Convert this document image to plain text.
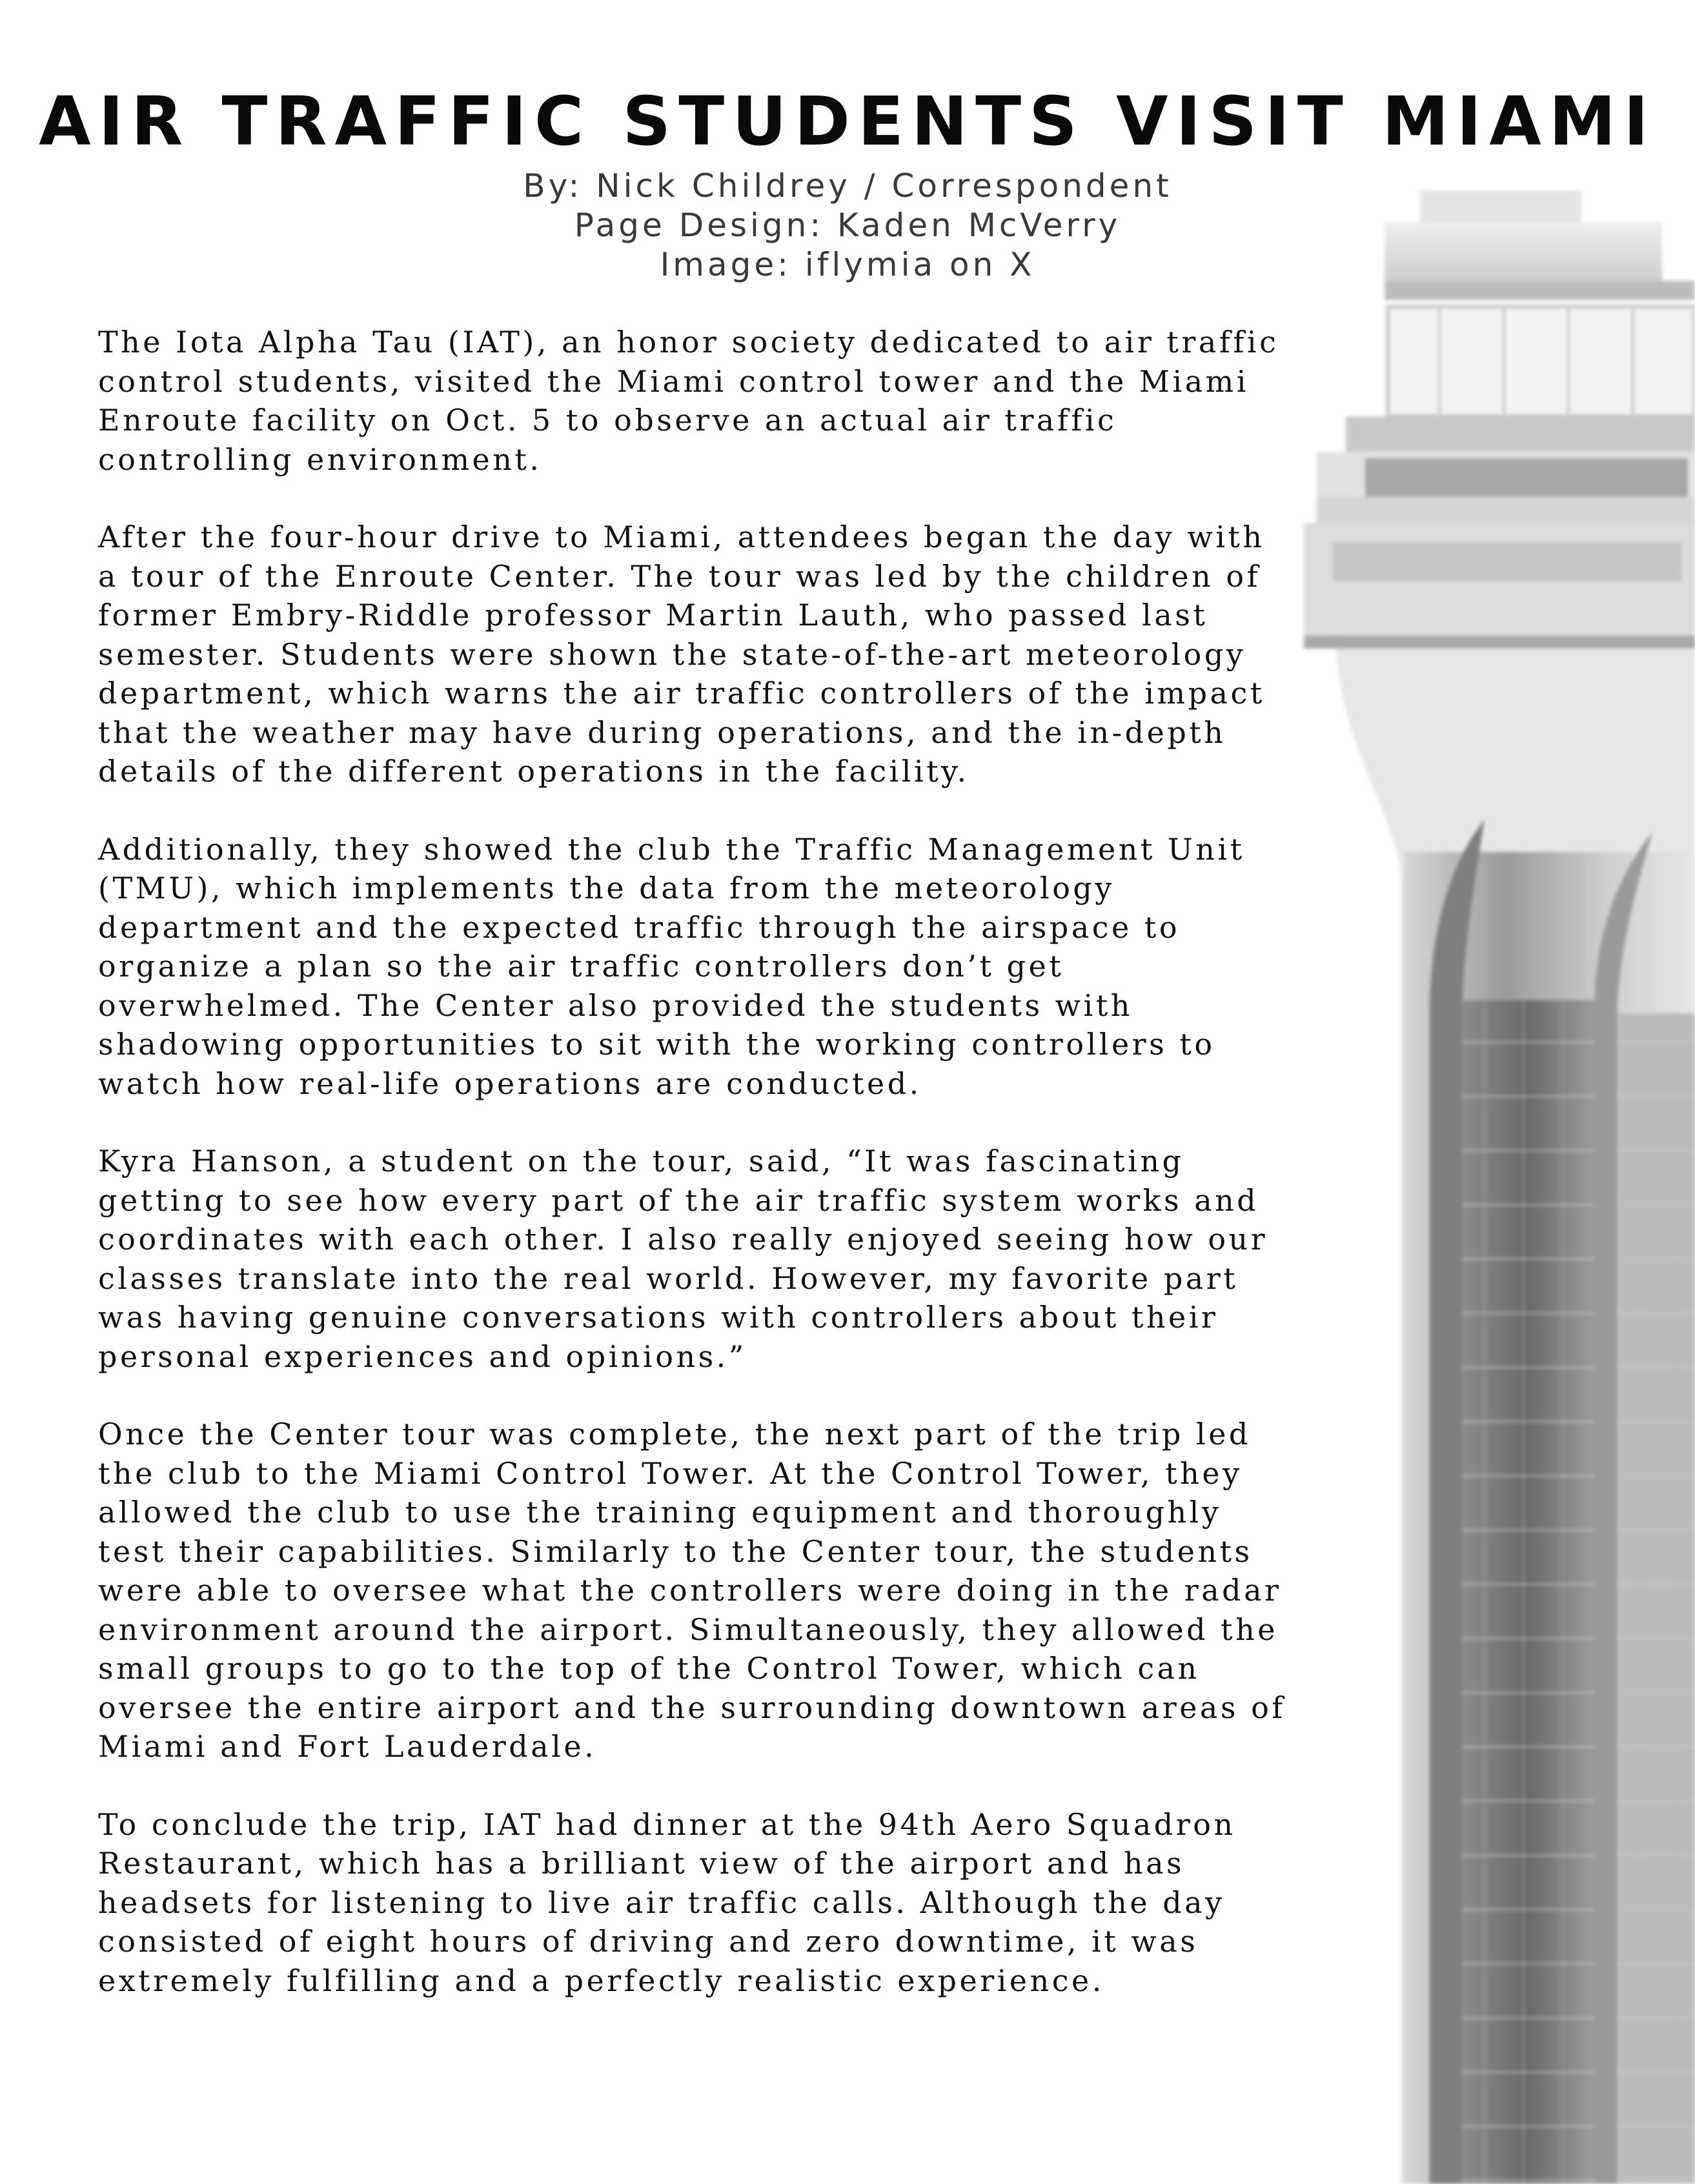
AIR TRAFFIC STUDENTS VISIT MIAMI
By: Nick Childrey / Correspondent
Page Design: Kaden McVerry
Image: iflymia on X

The Iota Alpha Tau (IAT), an honor society dedicated to air traffic control students, visited the Miami control tower and the Miami Enroute facility on Oct. 5 to observe an actual air traffic controlling environment.

After the four-hour drive to Miami, attendees began the day with a tour of the Enroute Center. The tour was led by the children of former Embry-Riddle professor Martin Lauth, who passed last semester. Students were shown the state-of-the-art meteorology department, which warns the air traffic controllers of the impact that the weather may have during operations, and the in-depth details of the different operations in the facility.

Additionally, they showed the club the Traffic Management Unit (TMU), which implements the data from the meteorology department and the expected traffic through the airspace to organize a plan so the air traffic controllers don’t get overwhelmed. The Center also provided the students with shadowing opportunities to sit with the working controllers to watch how real-life operations are conducted.

Kyra Hanson, a student on the tour, said, “It was fascinating getting to see how every part of the air traffic system works and coordinates with each other. I also really enjoyed seeing how our classes translate into the real world. However, my favorite part was having genuine conversations with controllers about their personal experiences and opinions.”

Once the Center tour was complete, the next part of the trip led the club to the Miami Control Tower. At the Control Tower, they allowed the club to use the training equipment and thoroughly test their capabilities. Similarly to the Center tour, the students were able to oversee what the controllers were doing in the radar environment around the airport. Simultaneously, they allowed the small groups to go to the top of the Control Tower, which can oversee the entire airport and the surrounding downtown areas of Miami and Fort Lauderdale.

To conclude the trip, IAT had dinner at the 94th Aero Squadron Restaurant, which has a brilliant view of the airport and has headsets for listening to live air traffic calls. Although the day consisted of eight hours of driving and zero downtime, it was extremely fulfilling and a perfectly realistic experience.
